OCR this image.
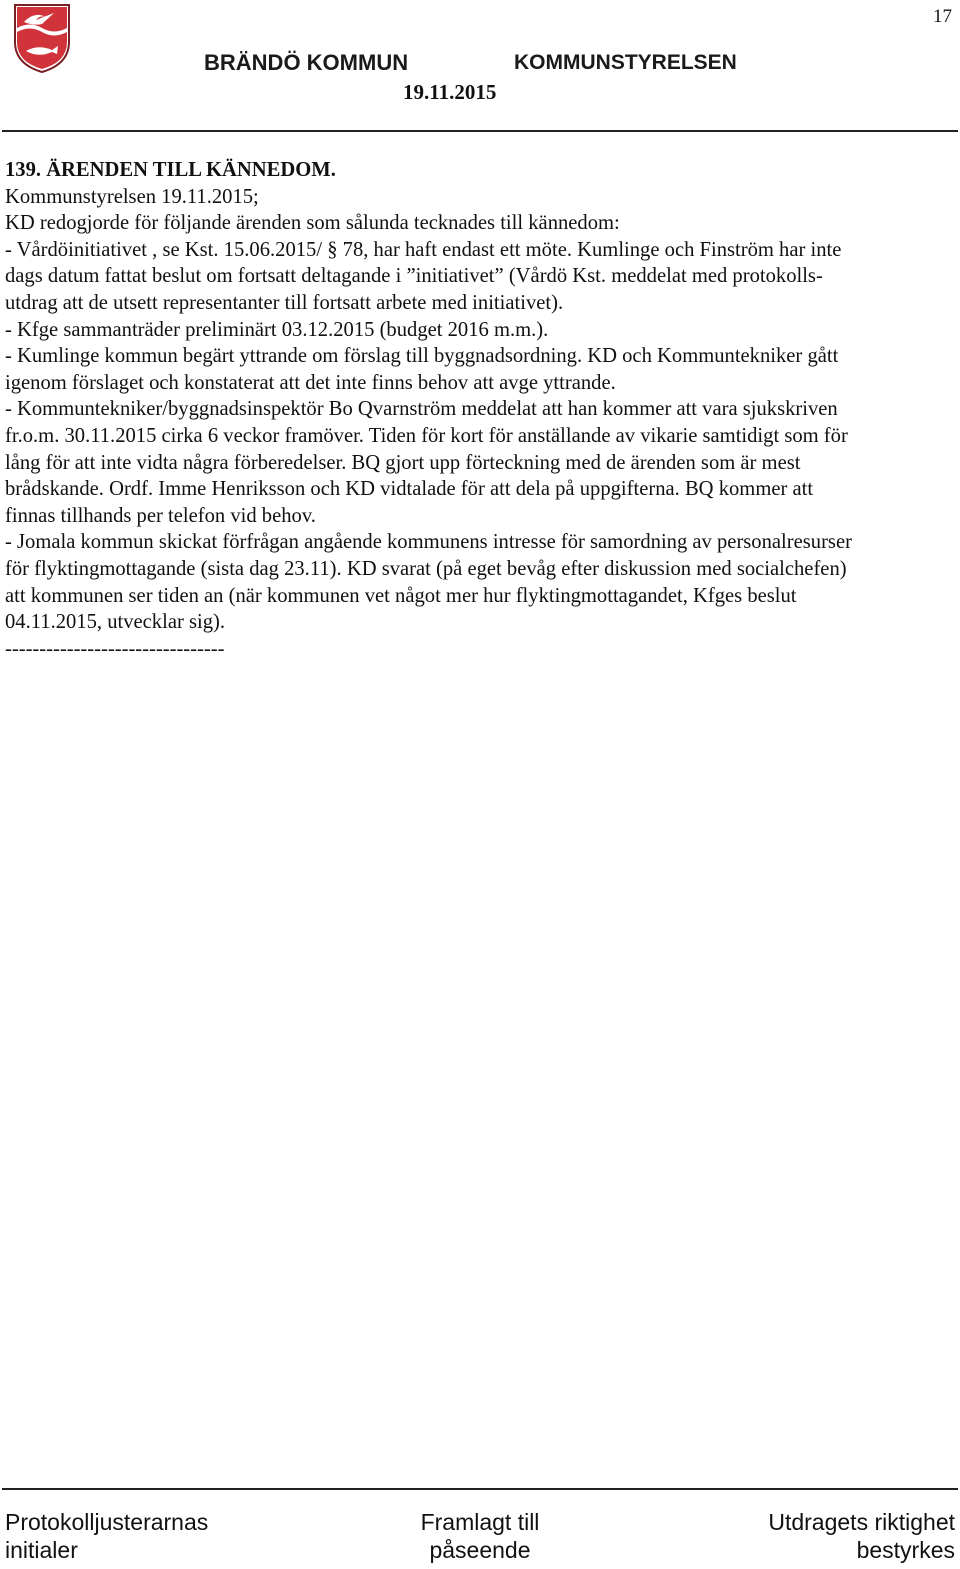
17
BRÄNDÖ KOMMUN	KOMMUNSTYRELSEN
19.11.2015
139. ÄRENDEN TILL KÄNNEDOM.
Kommunstyrelsen 19.11.2015;
KD redogjorde för följande ärenden som sålunda tecknades till kännedom:
- Vårdöinitiativet , se Kst. 15.06.2015/ § 78, har haft endast ett möte. Kumlinge och Finström har inte
dags datum fattat beslut om fortsatt deltagande i ”initiativet” (Vårdö Kst. meddelat med protokolls-
utdrag att de utsett representanter till fortsatt arbete med initiativet).
- Kfge sammanträder preliminärt 03.12.2015 (budget 2016 m.m.).
- Kumlinge kommun begärt yttrande om förslag till byggnadsordning. KD och Kommuntekniker gått
igenom förslaget och konstaterat att det inte finns behov att avge yttrande.
- Kommuntekniker/byggnadsinspektör Bo Qvarnström meddelat att han kommer att vara sjukskriven
fr.o.m. 30.11.2015 cirka 6 veckor framöver. Tiden för kort för anställande av vikarie samtidigt som för
lång för att inte vidta några förberedelser. BQ gjort upp förteckning med de ärenden som är mest
brådskande. Ordf. Imme Henriksson och KD vidtalade för att dela på uppgifterna. BQ kommer att
finnas tillhands per telefon vid behov.
- Jomala kommun skickat förfrågan angående kommunens intresse för samordning av personalresurser
för flyktingmottagande (sista dag 23.11). KD svarat (på eget bevåg efter diskussion med socialchefen)
att kommunen ser tiden an (när kommunen vet något mer hur flyktingmottagandet, Kfges beslut
04.11.2015, utvecklar sig).
--------------------------------
Protokolljusterarnas
initialer
Framlagt till
påseende
Utdragets riktighet
bestyrkes
